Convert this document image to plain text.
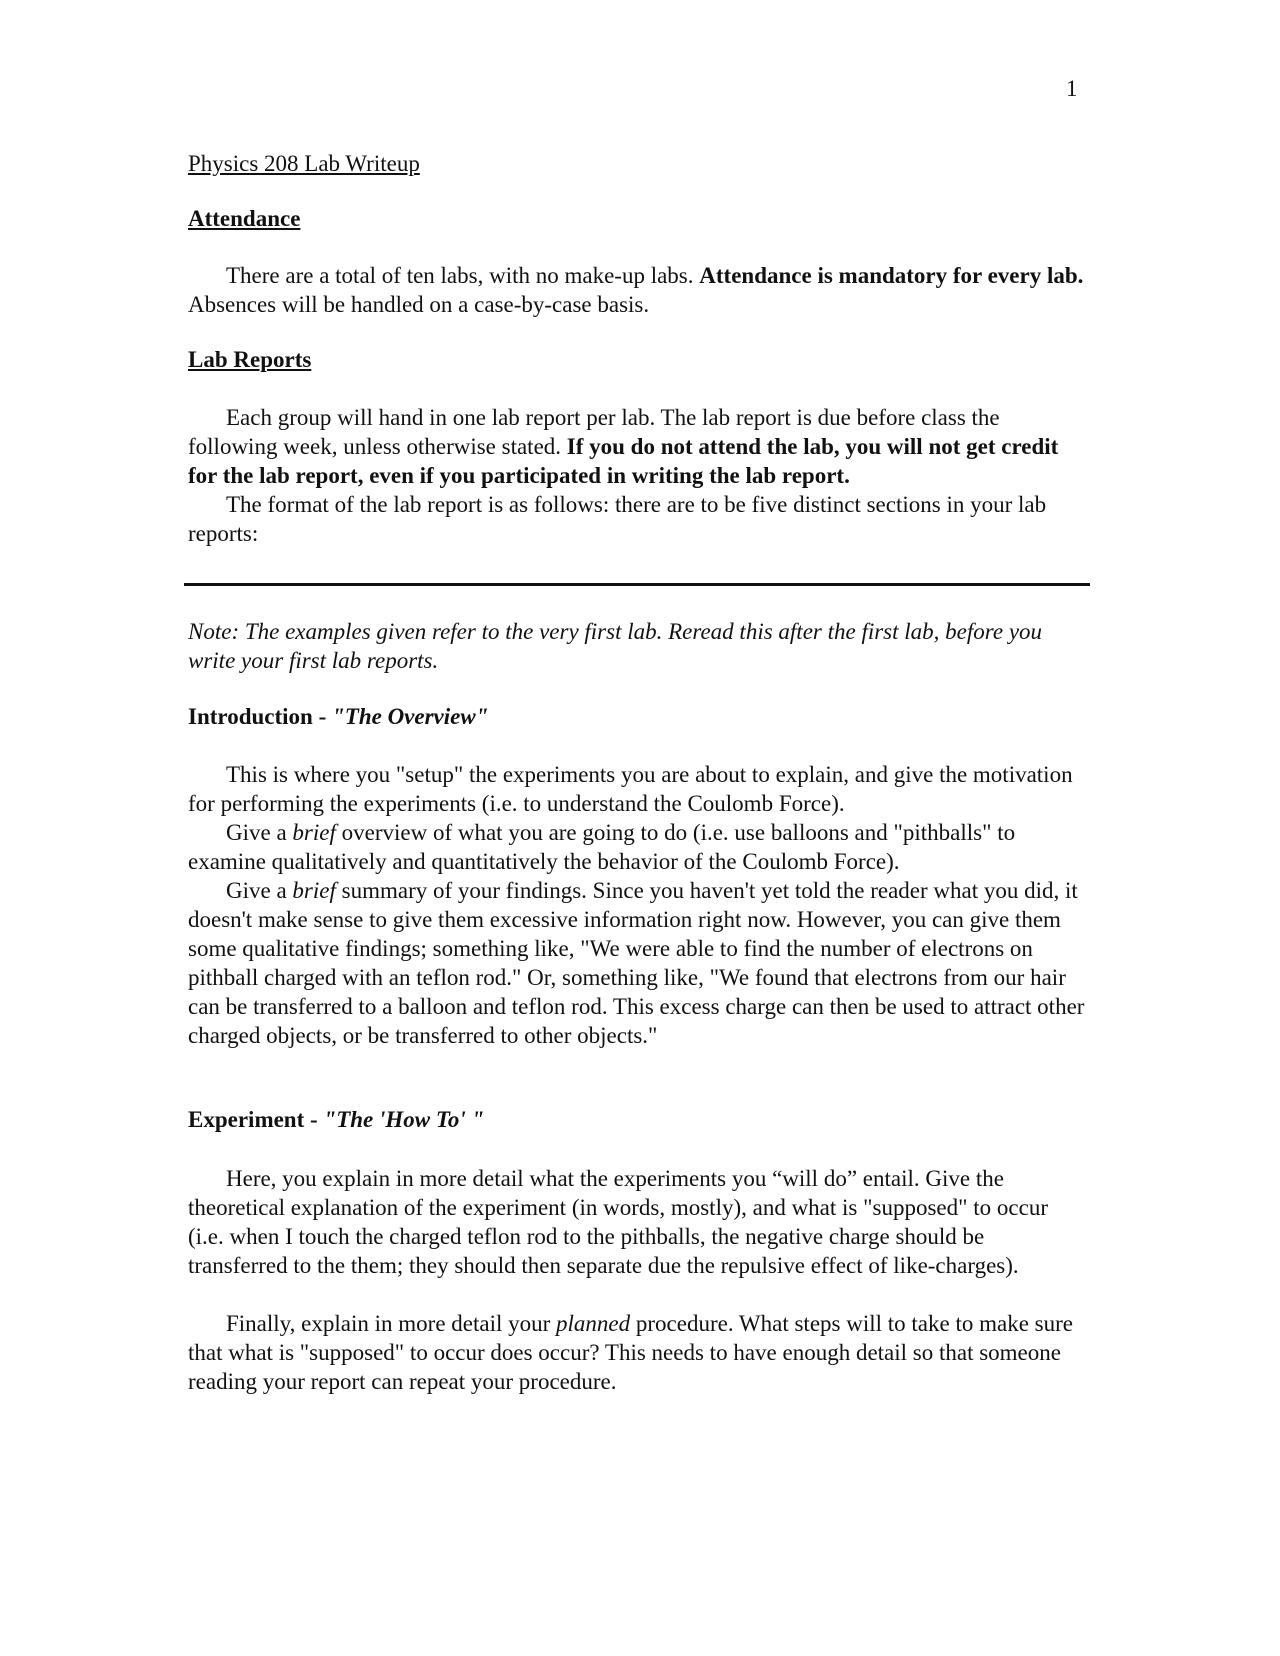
1
Physics 208 Lab Writeup
Attendance

There are a total of ten labs, with no make-up labs. Attendance is mandatory for every lab. Absences will be handled on a case-by-case basis.

Lab Reports

Each group will hand in one lab report per lab. The lab report is due before class the following week, unless otherwise stated. If you do not attend the lab, you will not get credit for the lab report, even if you participated in writing the lab report.

The format of the lab report is as follows: there are to be five distinct sections in your lab reports:

Note: The examples given refer to the very first lab. Reread this after the first lab, before you write your first lab reports.

Introduction - "The Overview"

This is where you "setup" the experiments you are about to explain, and give the motivation for performing the experiments (i.e. to understand the Coulomb Force).

Give a brief overview of what you are going to do (i.e. use balloons and "pithballs" to examine qualitatively and quantitatively the behavior of the Coulomb Force).

Give a brief summary of your findings. Since you haven't yet told the reader what you did, it doesn't make sense to give them excessive information right now. However, you can give them some qualitative findings; something like, "We were able to find the number of electrons on pithball charged with an teflon rod." Or, something like, "We found that electrons from our hair can be transferred to a balloon and teflon rod. This excess charge can then be used to attract other charged objects, or be transferred to other objects."

Experiment - "The 'How To' "

Here, you explain in more detail what the experiments you “will do” entail. Give the theoretical explanation of the experiment (in words, mostly), and what is "supposed" to occur (i.e. when I touch the charged teflon rod to the pithballs, the negative charge should be transferred to the them; they should then separate due the repulsive effect of like-charges).

Finally, explain in more detail your planned procedure. What steps will to take to make sure that what is "supposed" to occur does occur? This needs to have enough detail so that someone reading your report can repeat your procedure.
